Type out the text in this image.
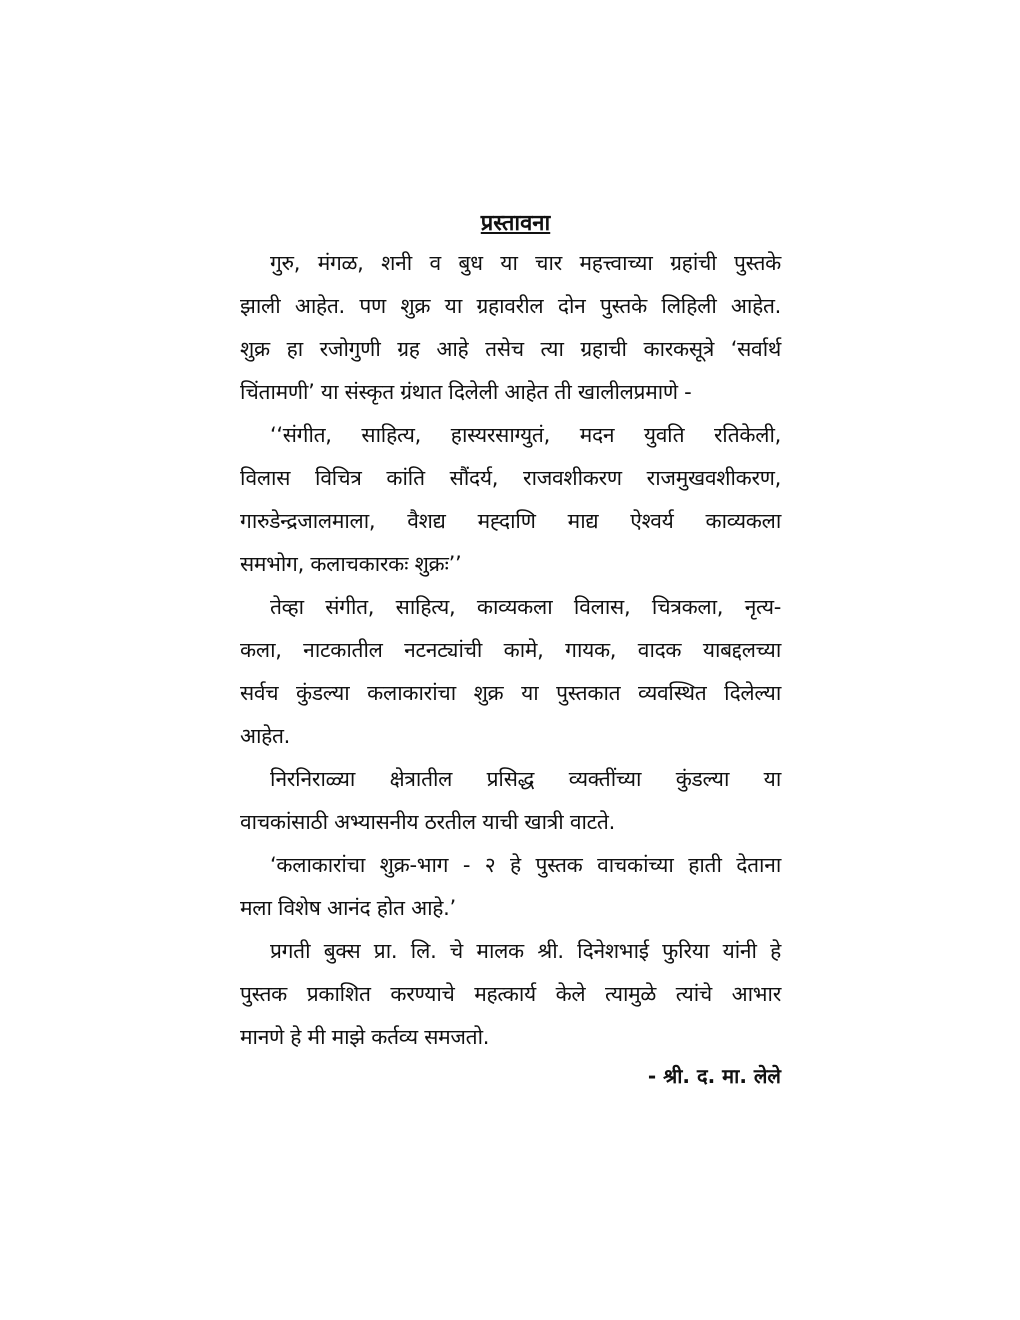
प्रस्तावना
गुरु, मंगळ, शनी व बुध या चार महत्त्वाच्या ग्रहांची पुस्तके
झाली आहेत. पण शुक्र या ग्रहावरील दोन पुस्तके लिहिली आहेत.
शुक्र हा रजोगुणी ग्रह आहे तसेच त्या ग्रहाची कारकसूत्रे ‘सर्वार्थ
चिंतामणी’ या संस्कृत ग्रंथात दिलेली आहेत ती खालीलप्रमाणे -
‘‘संगीत, साहित्य, हास्यरसाग्युतं, मदन युवति रतिकेली,
विलास विचित्र कांति सौंदर्य, राजवशीकरण राजमुखवशीकरण,
गारुडेन्द्रजालमाला, वैशद्य मह्दाणि माद्य ऐश्वर्य काव्यकला
समभोग, कलाचकारकः शुक्रः’’
तेव्हा संगीत, साहित्य, काव्यकला विलास, चित्रकला, नृत्य-
कला, नाटकातील नटनट्यांची कामे, गायक, वादक याबद्दलच्या
सर्वच कुंडल्या कलाकारांचा शुक्र या पुस्तकात व्यवस्थित दिलेल्या
आहेत.
निरनिराळ्या क्षेत्रातील प्रसिद्ध व्यक्तींच्या कुंडल्या या
वाचकांसाठी अभ्यासनीय ठरतील याची खात्री वाटते.
‘कलाकारांचा शुक्र-भाग - २ हे पुस्तक वाचकांच्या हाती देताना
मला विशेष आनंद होत आहे.’
प्रगती बुक्स प्रा. लि. चे मालक श्री. दिनेशभाई फुरिया यांनी हे
पुस्तक प्रकाशित करण्याचे महत्कार्य केले त्यामुळे त्यांचे आभार
मानणे हे मी माझे कर्तव्य समजतो.
- श्री. द. मा. लेले
